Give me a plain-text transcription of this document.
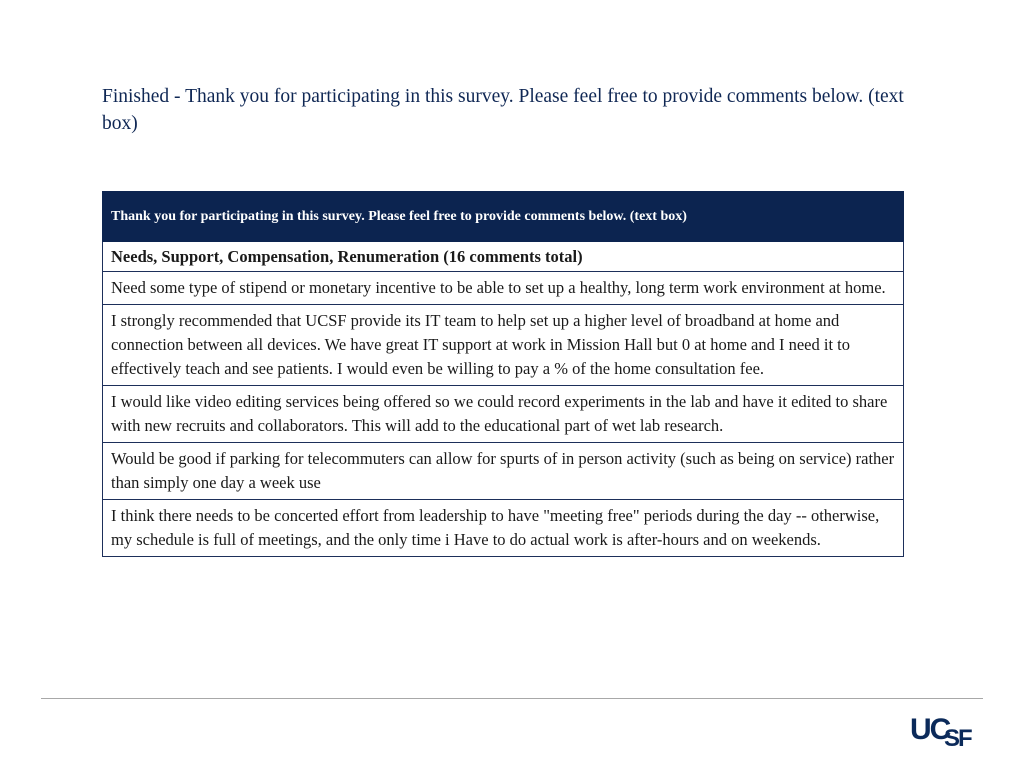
Finished - Thank you for participating in this survey. Please feel free to provide comments below. (text box)
Thank you for participating in this survey. Please feel free to provide comments below. (text box)
Needs, Support, Compensation, Renumeration (16 comments total)
Need some type of stipend or monetary incentive to be able to set up a healthy, long term work environment at home.
I strongly recommended that UCSF provide its IT team to help set up a higher level of broadband at home and connection between all devices. We have great IT support at work in Mission Hall but 0 at home and I need it to effectively teach and see patients. I would even be willing to pay a % of the home consultation fee.
I would like video editing services being offered so we could record experiments in the lab and have it edited to share with new recruits and collaborators. This will add to the educational part of wet lab research.
Would be good if parking for telecommuters can allow for spurts of in person activity (such as being on service) rather than simply one day a week use
I think there needs to be concerted effort from leadership to have "meeting free" periods during the day -- otherwise, my schedule is full of meetings, and the only time i Have to do actual work is after-hours and on weekends.
UC
SF
